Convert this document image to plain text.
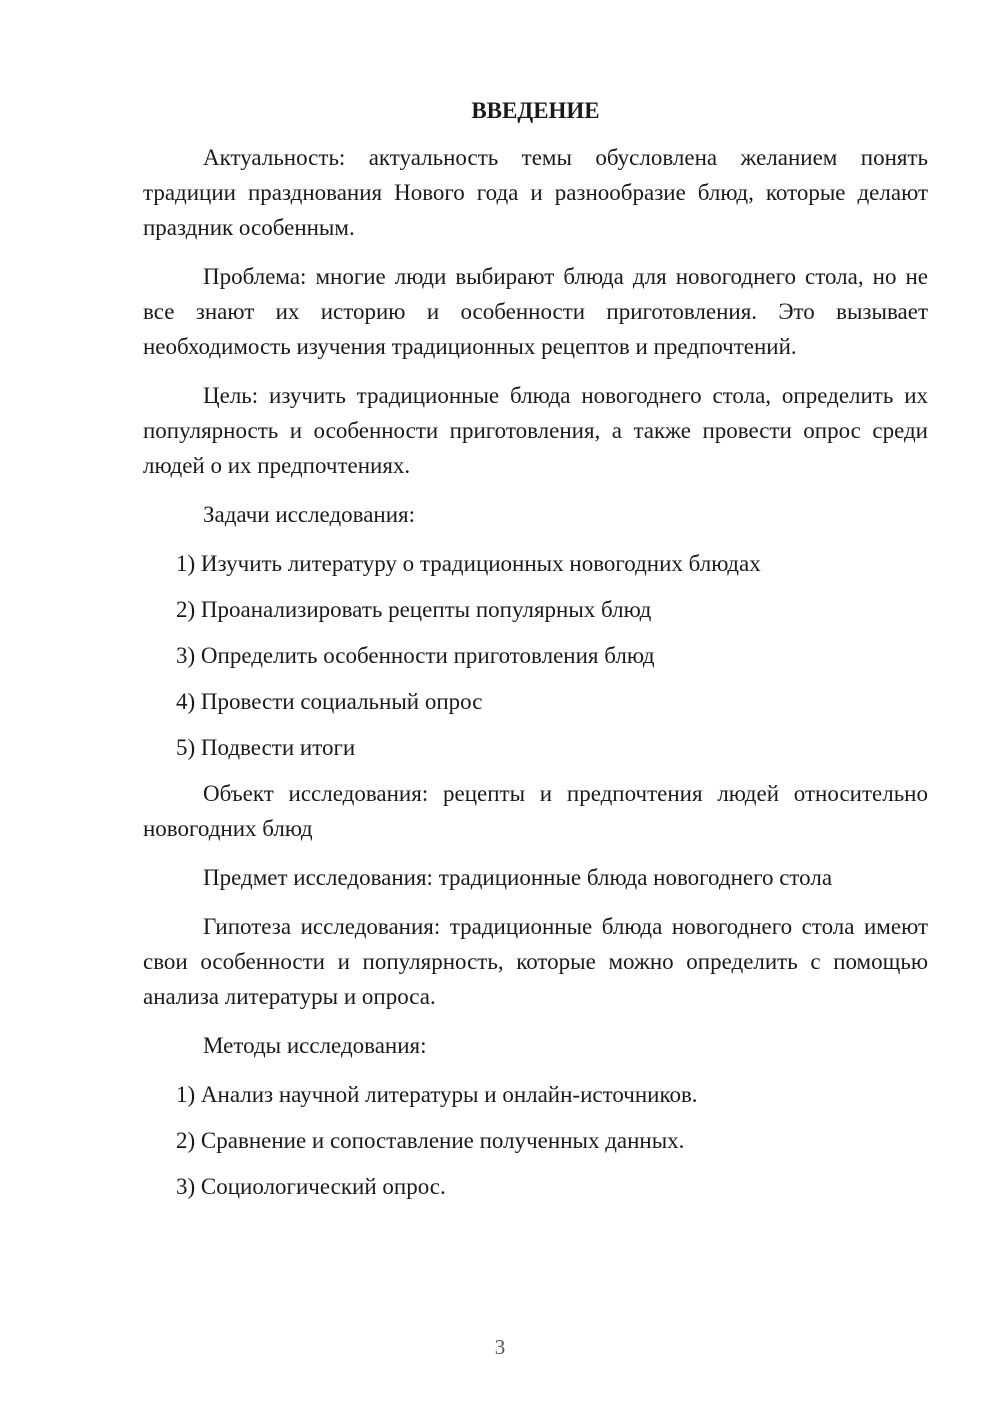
ВВЕДЕНИЕ

Актуальность: актуальность темы обусловлена желанием понять традиции празднования Нового года и разнообразие блюд, которые делают праздник особенным.

Проблема: многие люди выбирают блюда для новогоднего стола, но не все знают их историю и особенности приготовления. Это вызывает необходимость изучения традиционных рецептов и предпочтений.

Цель: изучить традиционные блюда новогоднего стола, определить их популярность и особенности приготовления, а также провести опрос среди людей о их предпочтениях.

Задачи исследования:

1) Изучить литературу о традиционных новогодних блюдах
2) Проанализировать рецепты популярных блюд
3) Определить особенности приготовления блюд
4) Провести социальный опрос
5) Подвести итоги

Объект исследования: рецепты и предпочтения людей относительно новогодних блюд

Предмет исследования: традиционные блюда новогоднего стола

Гипотеза исследования: традиционные блюда новогоднего стола имеют свои особенности и популярность, которые можно определить с помощью анализа литературы и опроса.

Методы исследования:

1) Анализ научной литературы и онлайн-источников.
2) Сравнение и сопоставление полученных данных.
3) Социологический опрос.
3
